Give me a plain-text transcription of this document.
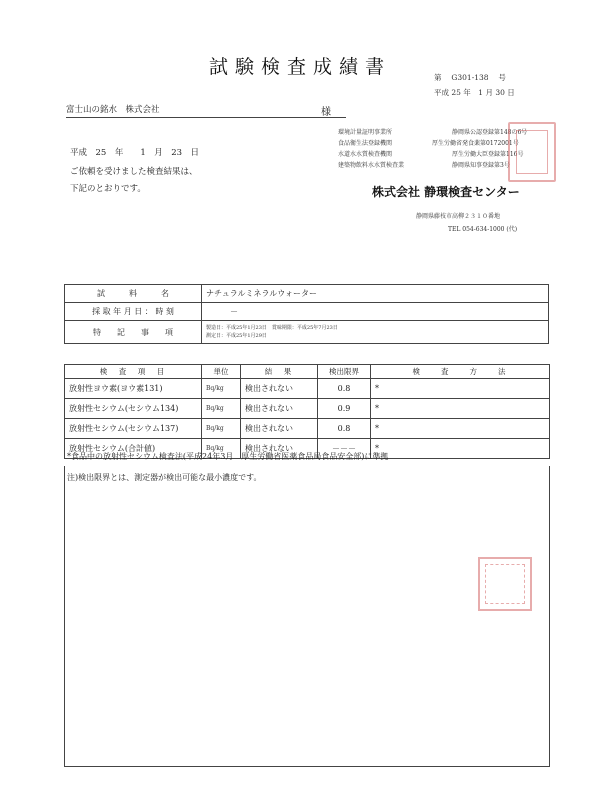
試験検査成績書	第　 G301-138　 号
平成 25 年　1 月 30 日
富士山の銘水　株式会社	様
平成　25　年　　1　月　23　日
ご依頼を受けました検査結果は、
下記のとおりです。
環境計量証明事業所	静岡県公認登録第148の6号
食品衛生法登録機関	厚生労働省発食薬第0172001号
水道水水質検査機関	厚生労働大臣登録第116号
建築物飲料水水質検査業	静岡県知事登録第3号
株式会社 静環検査センター
静岡県藤枝市高柳２３１０番地
TEL 054-634-1000 (代)
試　　　料　　　名	ナチュラルミネラルウォーター
採 取 年 月 日 ： 時 刻	－
特　　記　　事　　項	製造日：平成25年1月23日　賞味期限：平成25年7月23日
測定日：平成25年1月29日
検　査　項　目	単位	結　果	検出限界	検　　査　　方　　法
放射性ヨウ素(ヨウ素131)	Bq/kg	検出されない	0.8	*
放射性セシウム(セシウム134)	Bq/kg	検出されない	0.9	*
放射性セシウム(セシウム137)	Bq/kg	検出されない	0.8	*
放射性セシウム(合計値)	Bq/kg	検出されない	－－－	*
*食品中の放射性セシウム検査法(平成24年3月　厚生労働省医薬食品局食品安全部)に準拠
注)検出限界とは、測定器が検出可能な最小濃度です。
